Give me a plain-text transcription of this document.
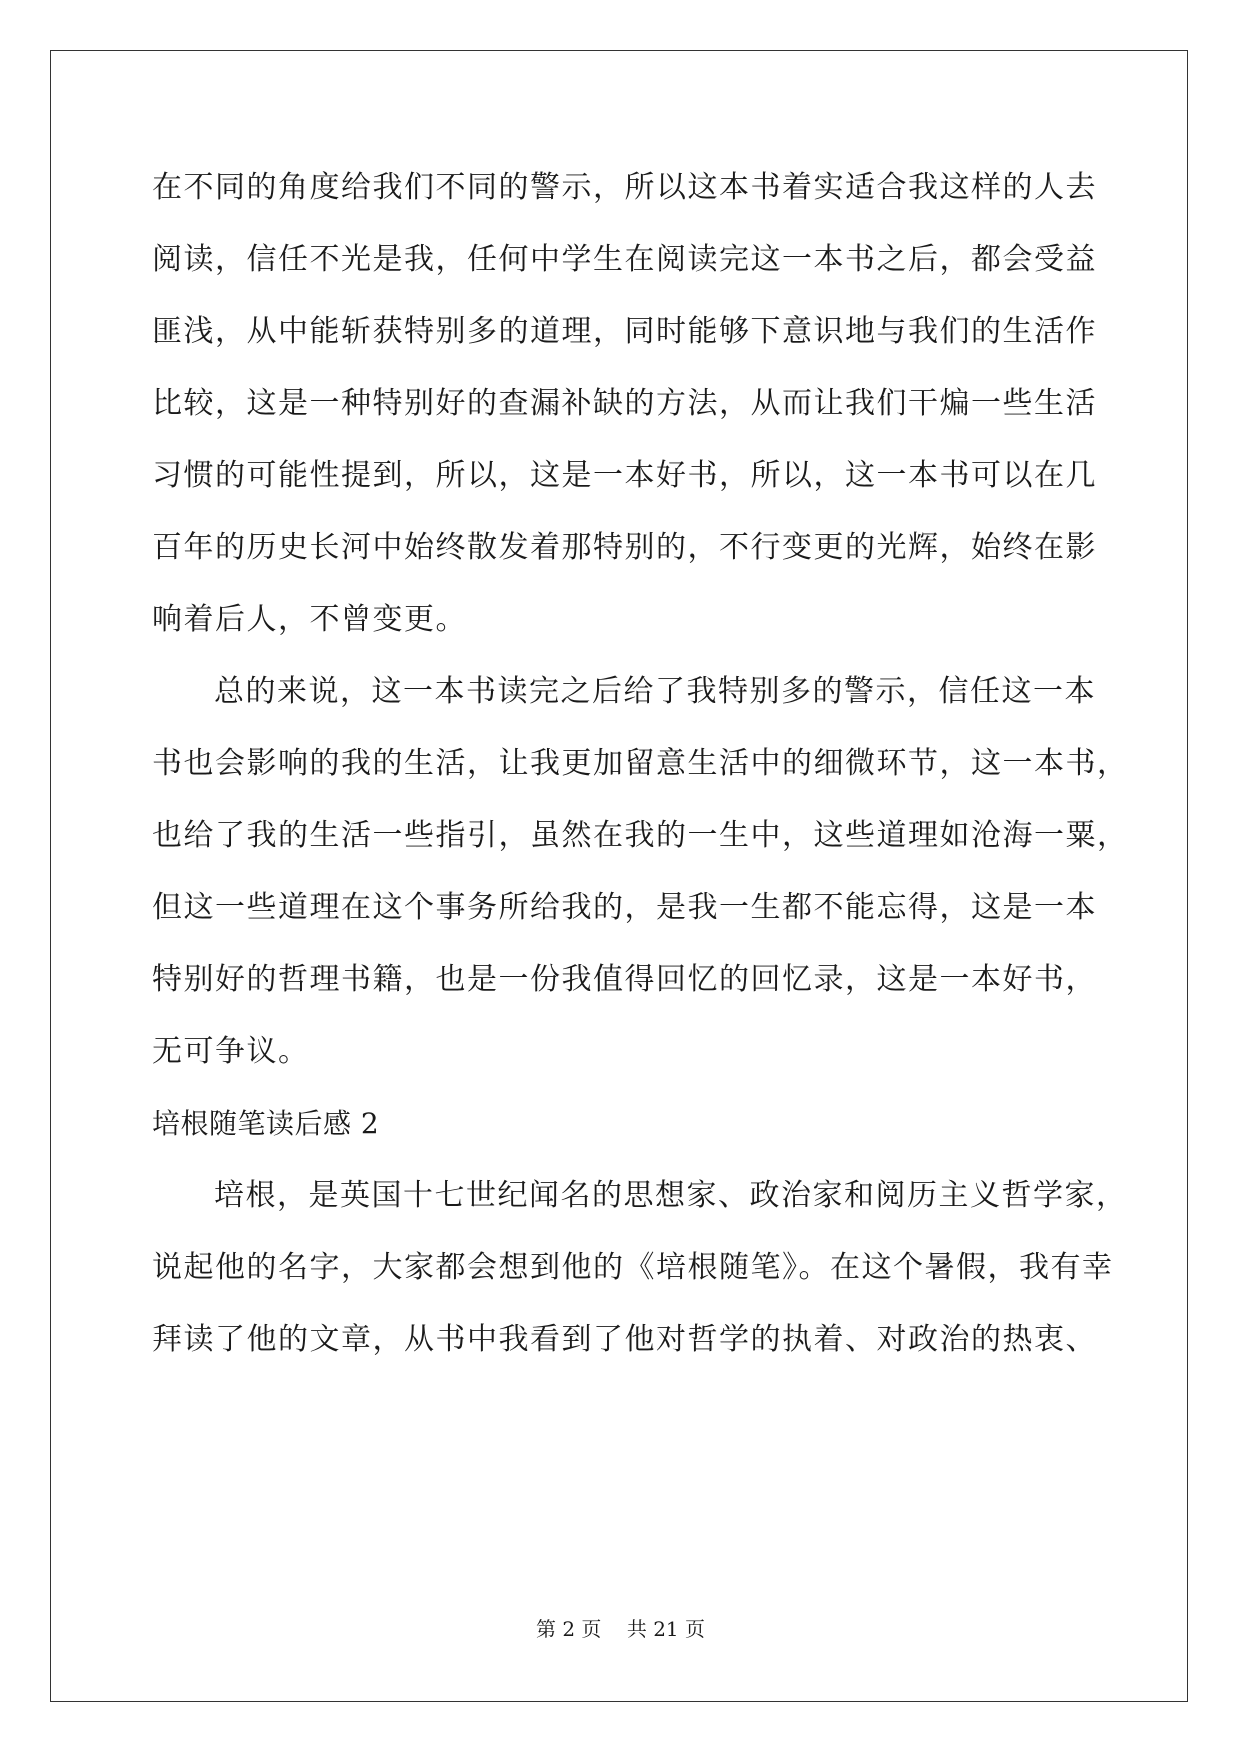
在不同的角度给我们不同的警示，所以这本书着实适合我这样的人去
阅读，信任不光是我，任何中学生在阅读完这一本书之后，都会受益
匪浅，从中能斩获特别多的道理，同时能够下意识地与我们的生活作
比较，这是一种特别好的查漏补缺的方法，从而让我们干煸一些生活
习惯的可能性提到，所以，这是一本好书，所以，这一本书可以在几
百年的历史长河中始终散发着那特别的，不行变更的光辉，始终在影
响着后人，不曾变更。
总的来说，这一本书读完之后给了我特别多的警示，信任这一本
书也会影响的我的生活，让我更加留意生活中的细微环节，这一本书，
也给了我的生活一些指引，虽然在我的一生中，这些道理如沧海一粟，
但这一些道理在这个事务所给我的，是我一生都不能忘得，这是一本
特别好的哲理书籍，也是一份我值得回忆的回忆录，这是一本好书，
无可争议。
培根随笔读后感 2
培根，是英国十七世纪闻名的思想家、政治家和阅历主义哲学家，
说起他的名字，大家都会想到他的《培根随笔》。在这个暑假，我有幸
拜读了他的文章，从书中我看到了他对哲学的执着、对政治的热衷、
第 2 页    共 21 页
